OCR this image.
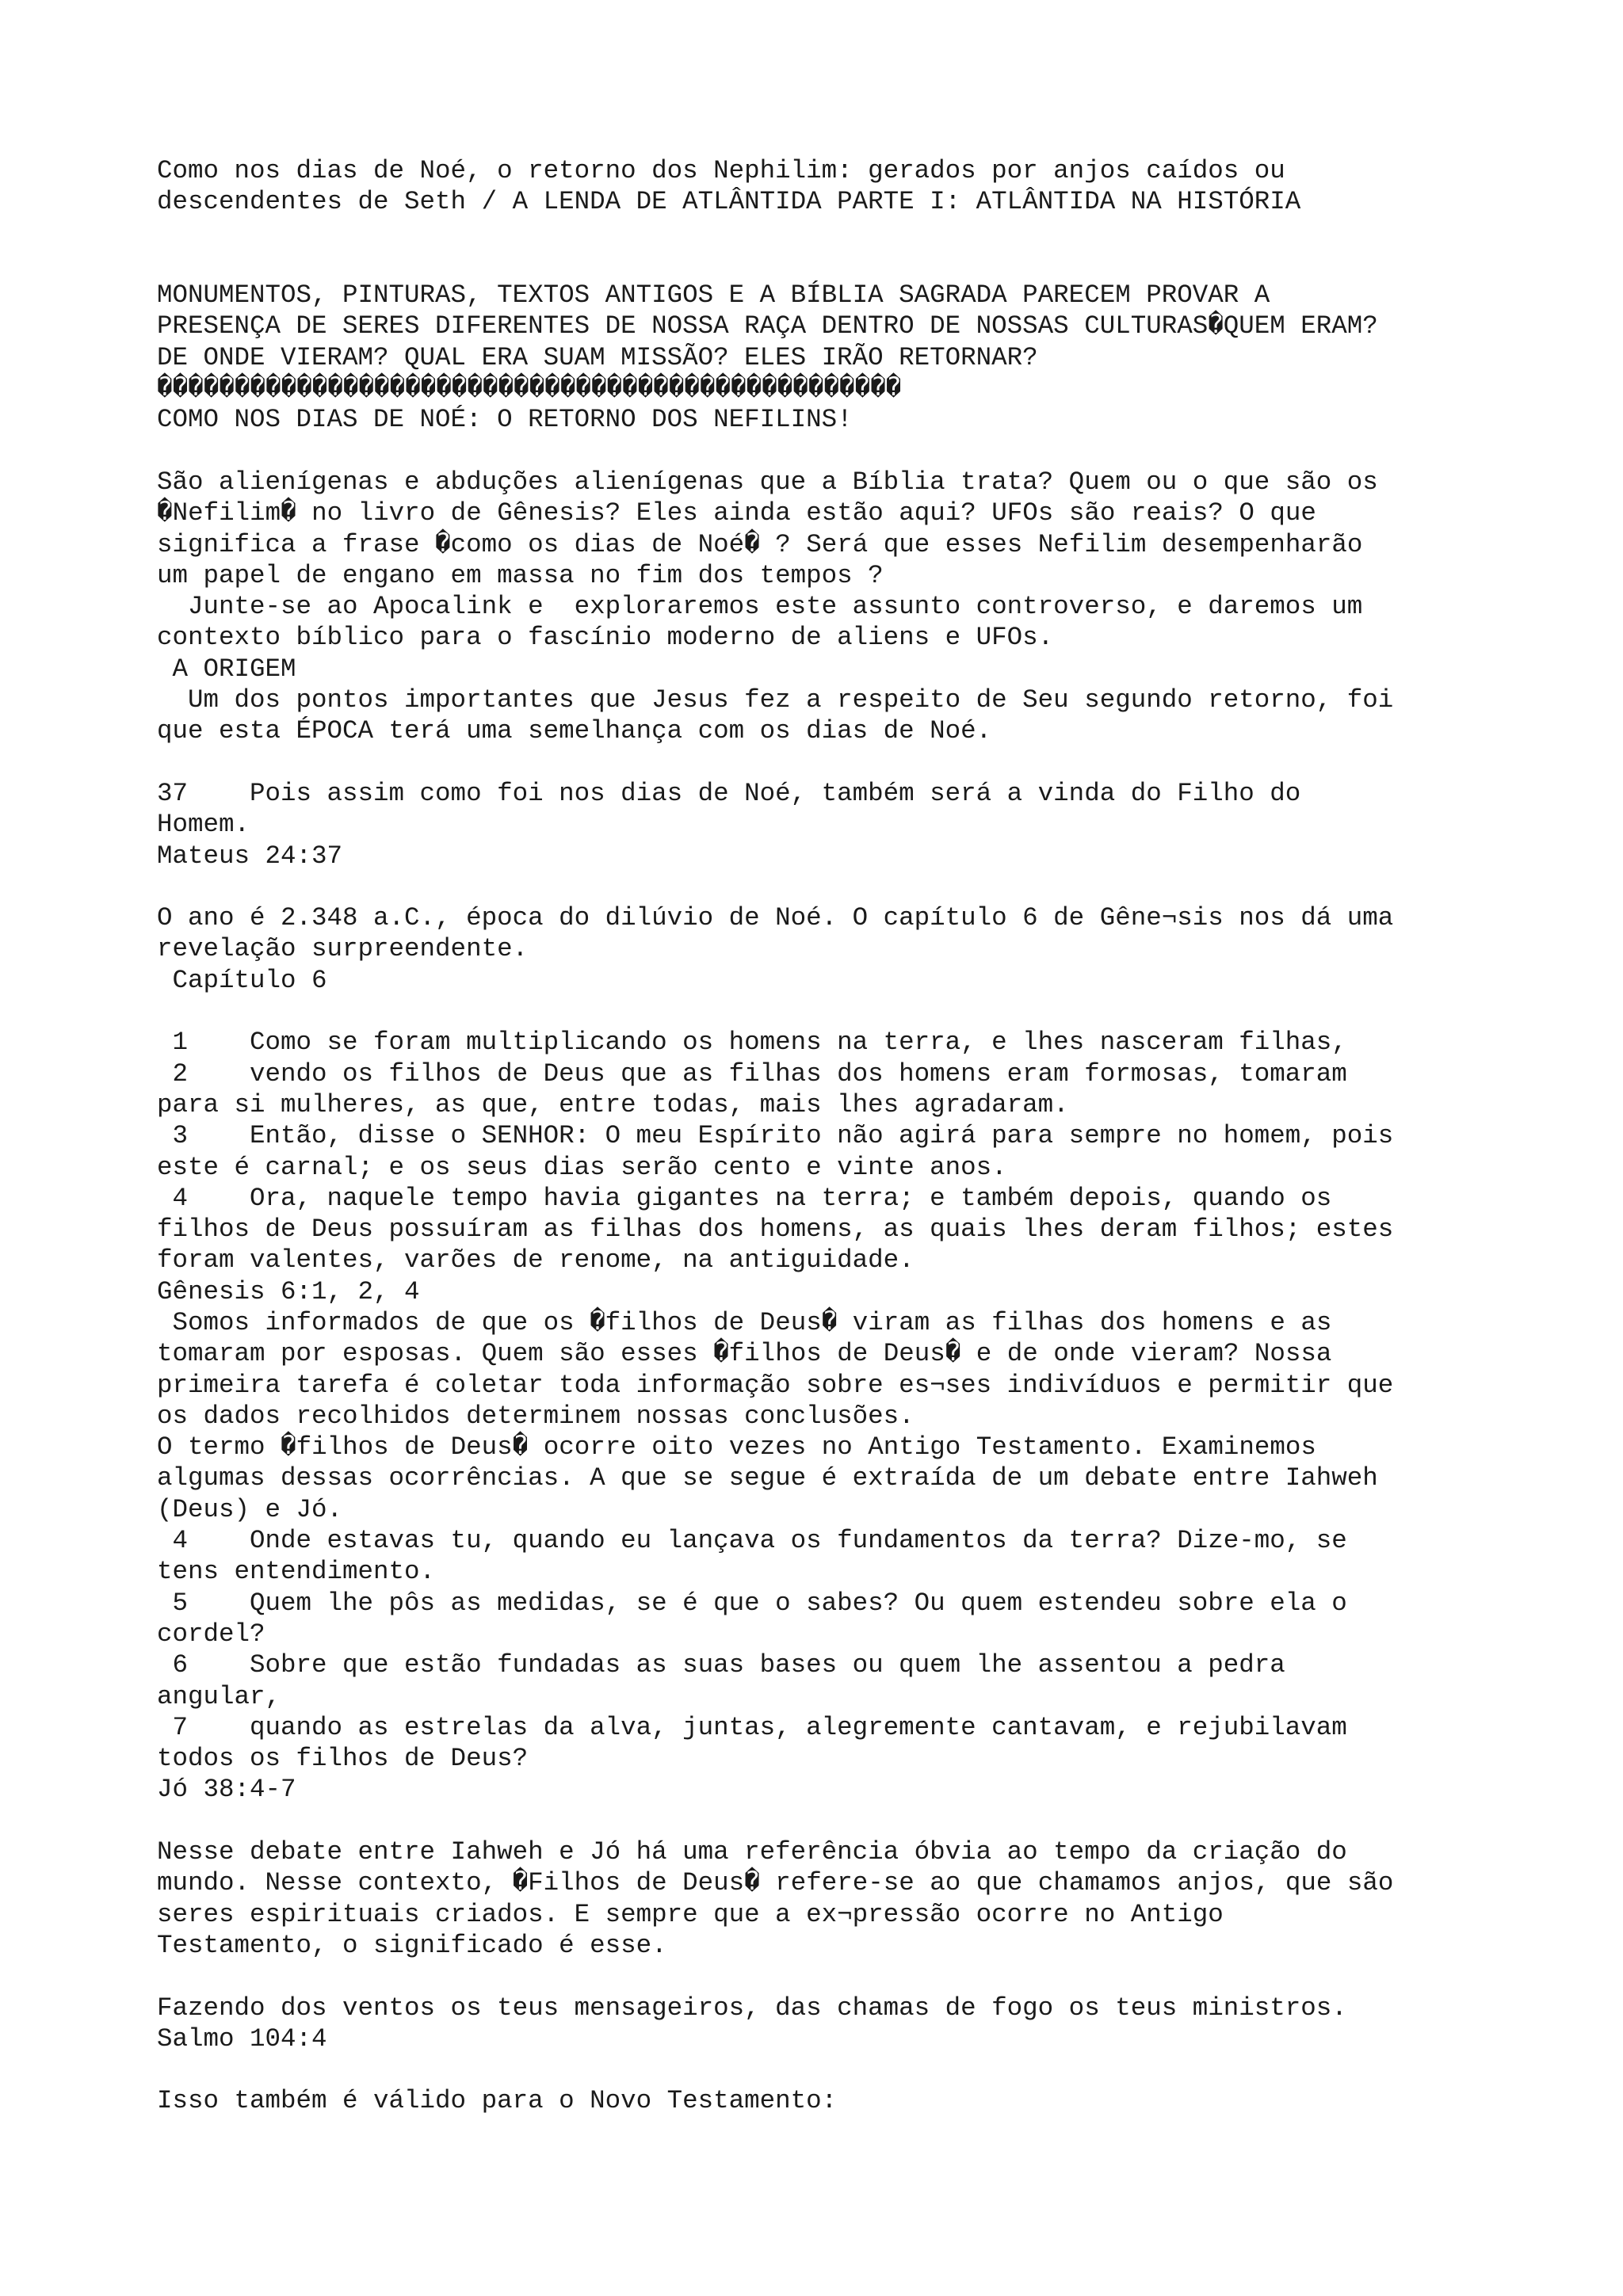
Como nos dias de Noé, o retorno dos Nephilim: gerados por anjos caídos ou
descendentes de Seth / A LENDA DE ATLÂNTIDA PARTE I: ATLÂNTIDA NA HISTÓRIA
MONUMENTOS, PINTURAS, TEXTOS ANTIGOS E A BÍBLIA SAGRADA PARECEM PROVAR A
PRESENÇA DE SERES DIFERENTES DE NOSSA RAÇA DENTRO DE NOSSAS CULTURAS�QUEM ERAM?
DE ONDE VIERAM? QUAL ERA SUAM MISSÃO? ELES IRÃO RETORNAR?
������������������������������������������������
COMO NOS DIAS DE NOÉ: O RETORNO DOS NEFILINS!
São alienígenas e abduções alienígenas que a Bíblia trata? Quem ou o que são os
�Nefilim� no livro de Gênesis? Eles ainda estão aqui? UFOs são reais? O que
significa a frase �como os dias de Noé� ? Será que esses Nefilim desempenharão
um papel de engano em massa no fim dos tempos ?
Junte-se ao Apocalink e  exploraremos este assunto controverso, e daremos um
contexto bíblico para o fascínio moderno de aliens e UFOs.
A ORIGEM
Um dos pontos importantes que Jesus fez a respeito de Seu segundo retorno, foi
que esta ÉPOCA terá uma semelhança com os dias de Noé.
37    Pois assim como foi nos dias de Noé, também será a vinda do Filho do
Homem.
Mateus 24:37
O ano é 2.348 a.C., época do dilúvio de Noé. O capítulo 6 de Gêne¬sis nos dá uma
revelação surpreendente.
Capítulo 6
1    Como se foram multiplicando os homens na terra, e lhes nasceram filhas,
2    vendo os filhos de Deus que as filhas dos homens eram formosas, tomaram
para si mulheres, as que, entre todas, mais lhes agradaram.
3    Então, disse o SENHOR: O meu Espírito não agirá para sempre no homem, pois
este é carnal; e os seus dias serão cento e vinte anos.
4    Ora, naquele tempo havia gigantes na terra; e também depois, quando os
filhos de Deus possuíram as filhas dos homens, as quais lhes deram filhos; estes
foram valentes, varões de renome, na antiguidade.
Gênesis 6:1, 2, 4
Somos informados de que os �filhos de Deus� viram as filhas dos homens e as
tomaram por esposas. Quem são esses �filhos de Deus� e de onde vieram? Nossa
primeira tarefa é coletar toda informação sobre es¬ses indivíduos e permitir que
os dados recolhidos determinem nossas conclusões.
O termo �filhos de Deus� ocorre oito vezes no Antigo Testamento. Examinemos
algumas dessas ocorrências. A que se segue é extraída de um debate entre Iahweh
(Deus) e Jó.
4    Onde estavas tu, quando eu lançava os fundamentos da terra? Dize-mo, se
tens entendimento.
5    Quem lhe pôs as medidas, se é que o sabes? Ou quem estendeu sobre ela o
cordel?
6    Sobre que estão fundadas as suas bases ou quem lhe assentou a pedra
angular,
7    quando as estrelas da alva, juntas, alegremente cantavam, e rejubilavam
todos os filhos de Deus?
Jó 38:4-7
Nesse debate entre Iahweh e Jó há uma referência óbvia ao tempo da criação do
mundo. Nesse contexto, �Filhos de Deus� refere-se ao que chamamos anjos, que são
seres espirituais criados. E sempre que a ex¬pressão ocorre no Antigo
Testamento, o significado é esse.
Fazendo dos ventos os teus mensageiros, das chamas de fogo os teus ministros.
Salmo 104:4
Isso também é válido para o Novo Testamento:
